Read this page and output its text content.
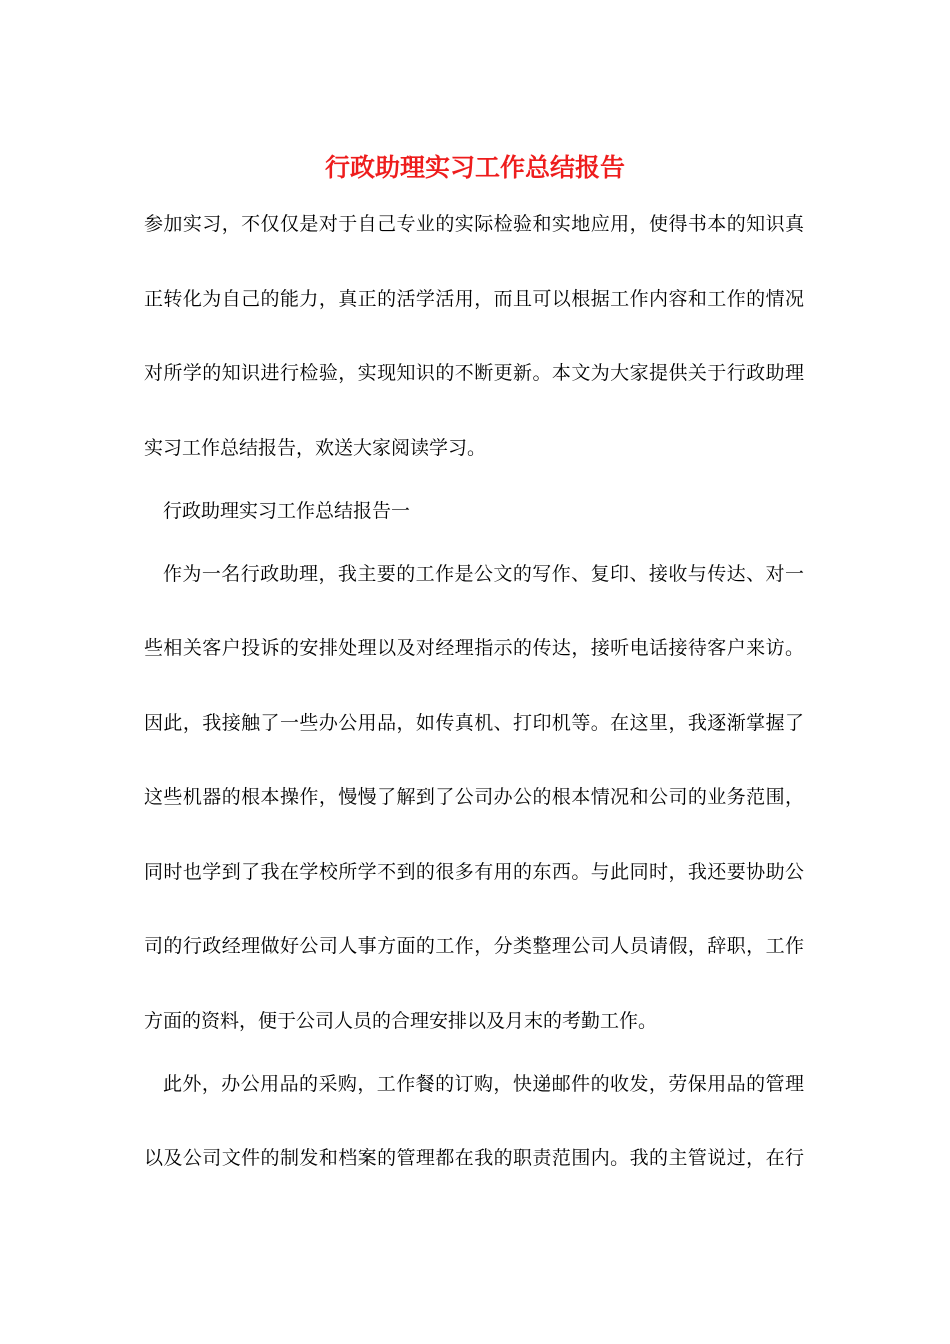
行政助理实习工作总结报告
参加实习，不仅仅是对于自己专业的实际检验和实地应用，使得书本的知识真
正转化为自己的能力，真正的活学活用，而且可以根据工作内容和工作的情况
对所学的知识进行检验，实现知识的不断更新。本文为大家提供关于行政助理
实习工作总结报告，欢送大家阅读学习。
行政助理实习工作总结报告一
作为一名行政助理，我主要的工作是公文的写作、复印、接收与传达、对一
些相关客户投诉的安排处理以及对经理指示的传达，接听电话接待客户来访。
因此，我接触了一些办公用品，如传真机、打印机等。在这里，我逐渐掌握了
这些机器的根本操作，慢慢了解到了公司办公的根本情况和公司的业务范围，
同时也学到了我在学校所学不到的很多有用的东西。与此同时，我还要协助公
司的行政经理做好公司人事方面的工作，分类整理公司人员请假，辞职，工作
方面的资料，便于公司人员的合理安排以及月末的考勤工作。
此外，办公用品的采购，工作餐的订购，快递邮件的收发，劳保用品的管理
以及公司文件的制发和档案的管理都在我的职责范围内。我的主管说过，在行
